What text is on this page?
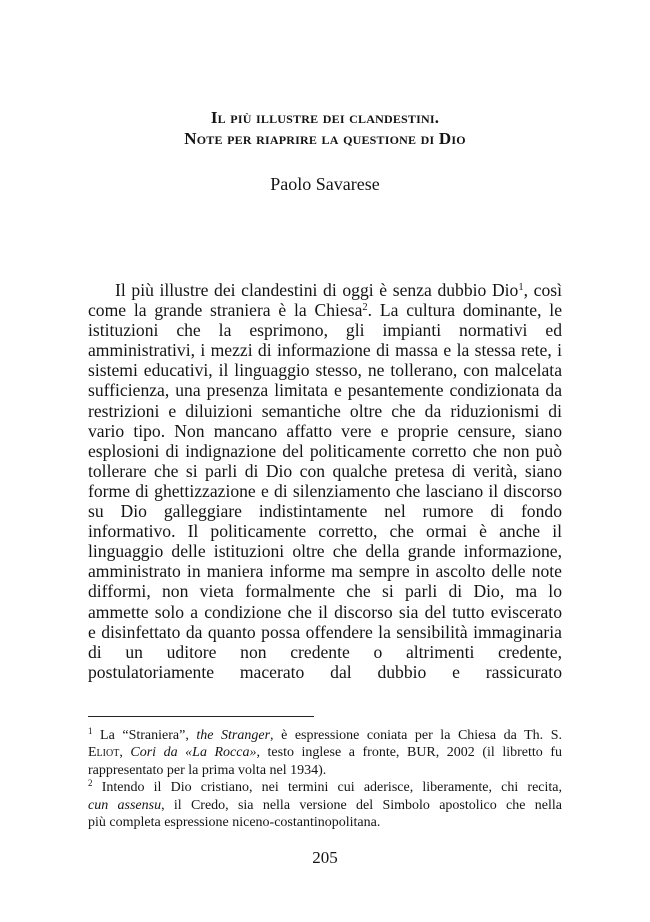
Il più illustre dei clandestini.
Note per riaprire la questione di Dio
Paolo Savarese
Il più illustre dei clandestini di oggi è senza dubbio Dio$^1$, così
come la grande straniera è la Chiesa$^2$. La cultura dominante, le
istituzioni che la esprimono, gli impianti normativi ed
amministrativi, i mezzi di informazione di massa e la stessa rete, i
sistemi educativi, il linguaggio stesso, ne tollerano, con malcelata
sufficienza, una presenza limitata e pesantemente condizionata da
restrizioni e diluizioni semantiche oltre che da riduzionismi di
vario tipo. Non mancano affatto vere e proprie censure, siano
esplosioni di indignazione del politicamente corretto che non può
tollerare che si parli di Dio con qualche pretesa di verità, siano
forme di ghettizzazione e di silenziamento che lasciano il discorso
su Dio galleggiare indistintamente nel rumore di fondo
informativo. Il politicamente corretto, che ormai è anche il
linguaggio delle istituzioni oltre che della grande informazione,
amministrato in maniera informe ma sempre in ascolto delle note
difformi, non vieta formalmente che si parli di Dio, ma lo
ammette solo a condizione che il discorso sia del tutto eviscerato
e disinfettato da quanto possa offendere la sensibilità immaginaria
di un uditore non credente o altrimenti credente,
postulatoriamente macerato dal dubbio e rassicurato
$^1$ La “Straniera”, the Stranger, è espressione coniata per la Chiesa da Th. S.
Eliot, Cori da «La Rocca», testo inglese a fronte, BUR, 2002 (il libretto fu
rappresentato per la prima volta nel 1934).
$^2$ Intendo il Dio cristiano, nei termini cui aderisce, liberamente, chi recita,
cun assensu, il Credo, sia nella versione del Simbolo apostolico che nella
più completa espressione niceno-costantinopolitana.
205
